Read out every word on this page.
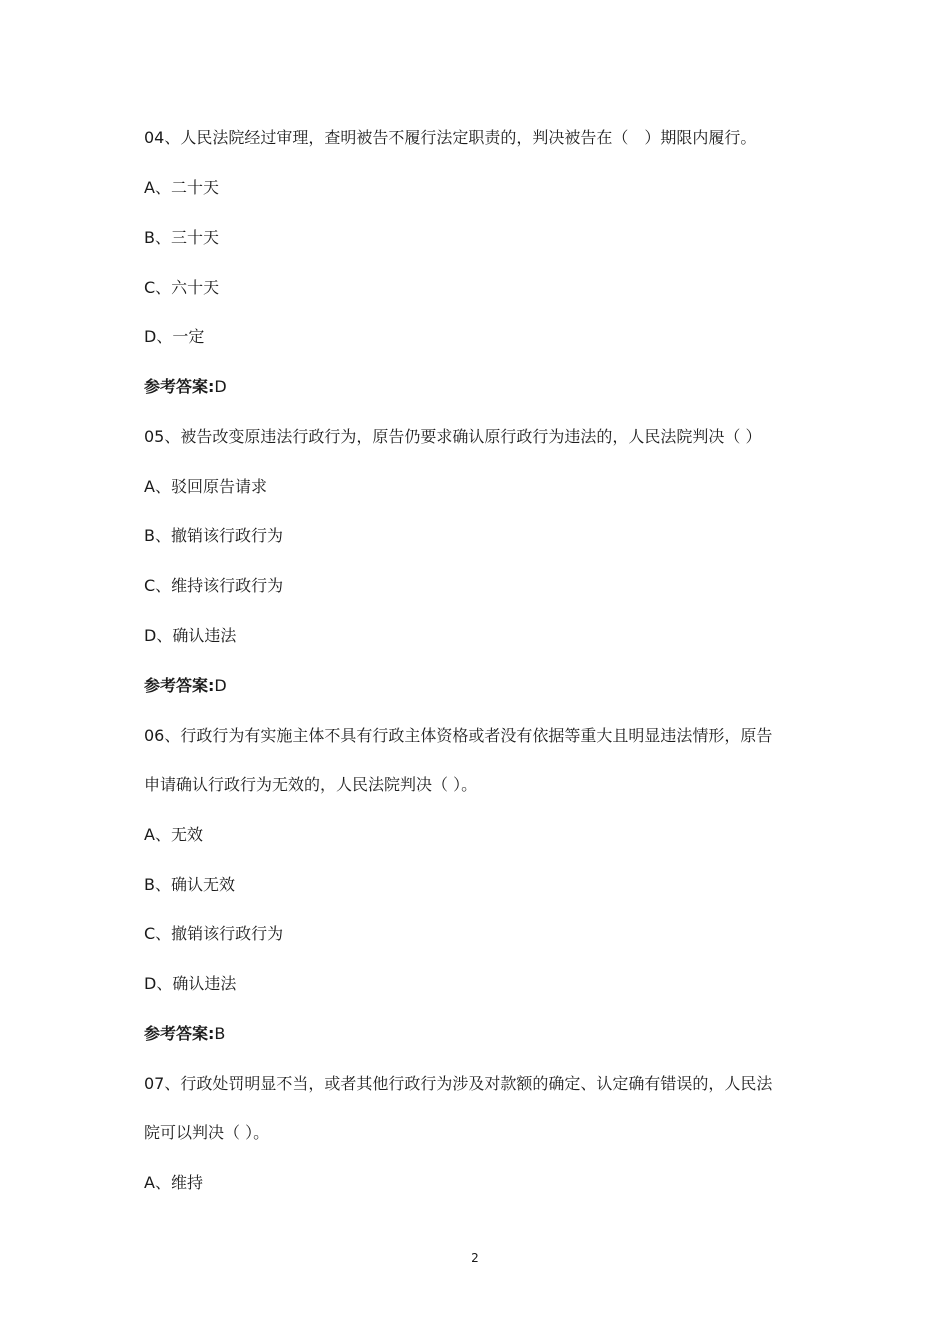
04、人民法院经过审理，查明被告不履行法定职责的，判决被告在（　）期限内履行。
A、二十天
B、三十天
C、六十天
D、一定
参考答案:D
05、被告改变原违法行政行为，原告仍要求确认原行政行为违法的，人民法院判决（ ）
A、驳回原告请求
B、撤销该行政行为
C、维持该行政行为
D、确认违法
参考答案:D
06、行政行为有实施主体不具有行政主体资格或者没有依据等重大且明显违法情形，原告
申请确认行政行为无效的，人民法院判决（ ）。
A、无效
B、确认无效
C、撤销该行政行为
D、确认违法
参考答案:B
07、行政处罚明显不当，或者其他行政行为涉及对款额的确定、认定确有错误的，人民法
院可以判决（ ）。
A、维持
2
